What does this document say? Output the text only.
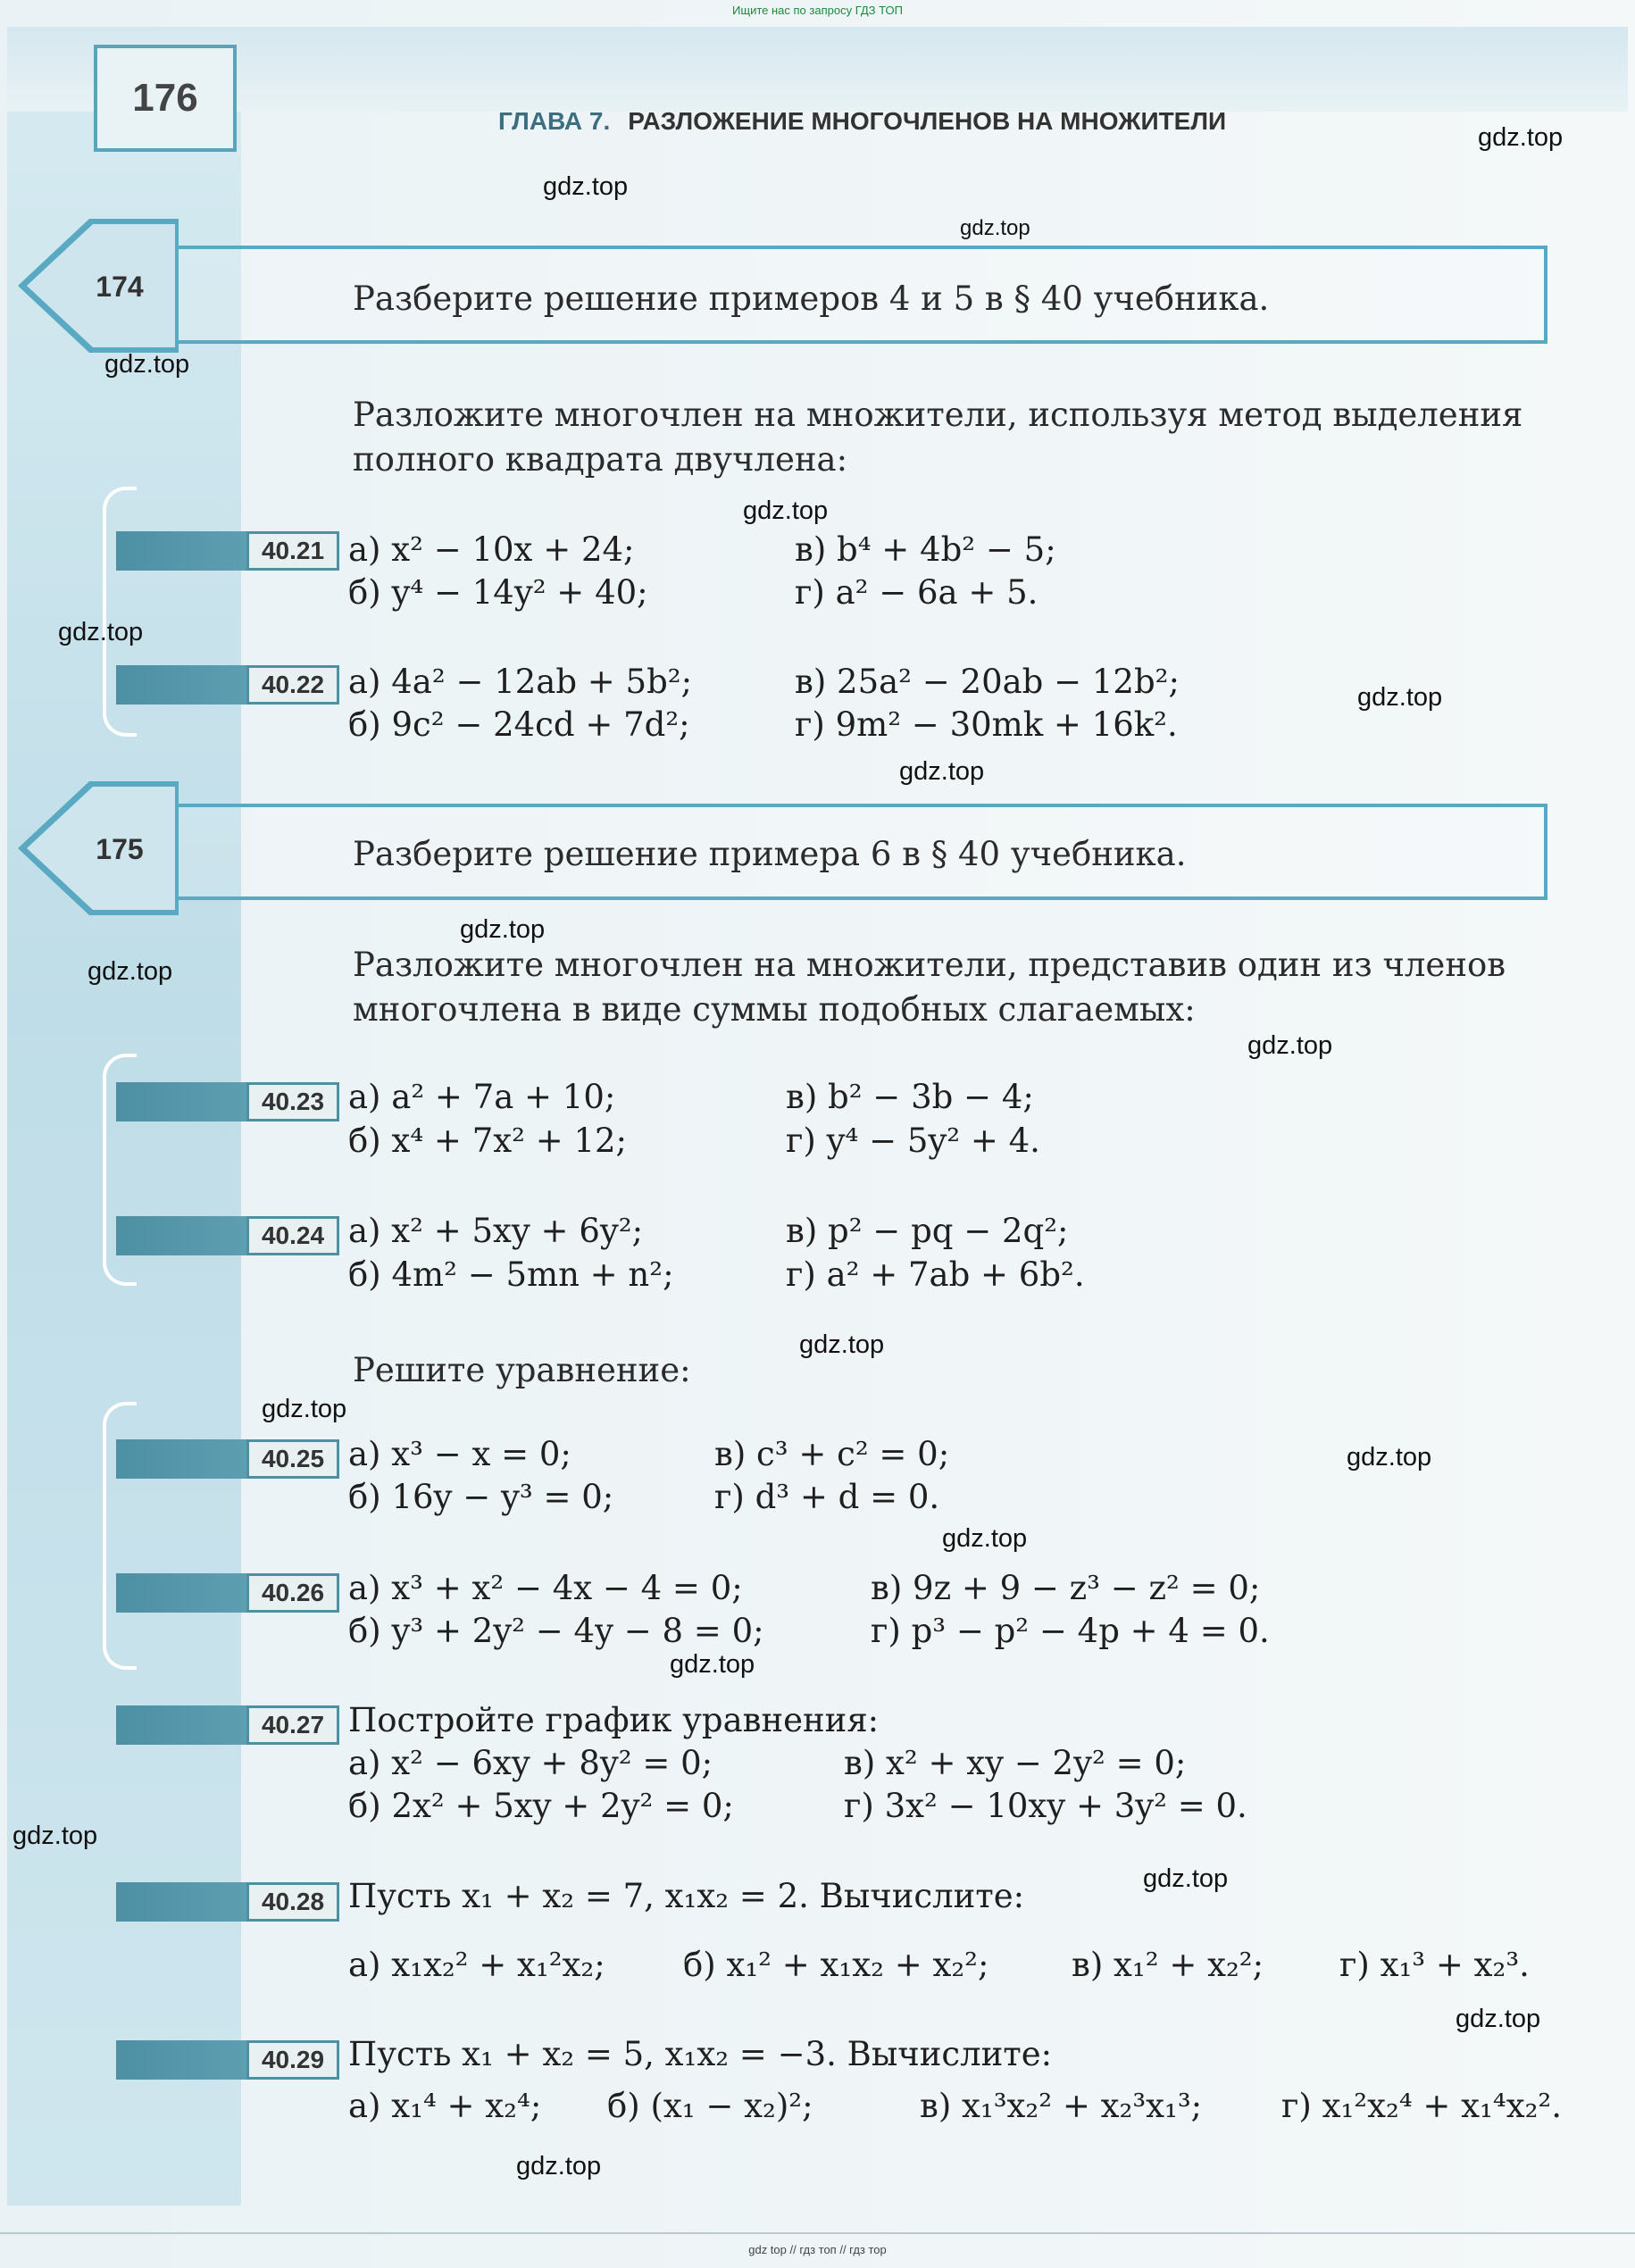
Ищите нас по запросу ГДЗ ТОП
176
ГЛАВА 7. РАЗЛОЖЕНИЕ МНОГОЧЛЕНОВ НА МНОЖИТЕЛИ
174	Разберите решение примеров 4 и 5 в § 40 учебника.
Разложите многочлен на множители, используя метод выделения
полного квадрата двучлена:
40.21 а) x² − 10x + 24;	в) b⁴ + 4b² − 5;
б) y⁴ − 14y² + 40;	г) a² − 6a + 5.
40.22 а) 4a² − 12ab + 5b²;	в) 25a² − 20ab − 12b²;
б) 9c² − 24cd + 7d²;	г) 9m² − 30mk + 16k².
175	Разберите решение примера 6 в § 40 учебника.
Разложите многочлен на множители, представив один из членов
многочлена в виде суммы подобных слагаемых:
40.23 а) a² + 7a + 10;	в) b² − 3b − 4;
б) x⁴ + 7x² + 12;	г) y⁴ − 5y² + 4.
40.24 а) x² + 5xy + 6y²;	в) p² − pq − 2q²;
б) 4m² − 5mn + n²;	г) a² + 7ab + 6b².
Решите уравнение:
40.25 а) x³ − x = 0;	в) c³ + c² = 0;
б) 16y − y³ = 0;	г) d³ + d = 0.
40.26 а) x³ + x² − 4x − 4 = 0;	в) 9z + 9 − z³ − z² = 0;
б) y³ + 2y² − 4y − 8 = 0;	г) p³ − p² − 4p + 4 = 0.
40.27 Постройте график уравнения:
а) x² − 6xy + 8y² = 0;	в) x² + xy − 2y² = 0;
б) 2x² + 5xy + 2y² = 0;	г) 3x² − 10xy + 3y² = 0.
40.28 Пусть x₁ + x₂ = 7, x₁x₂ = 2. Вычислите:
а) x₁x₂² + x₁²x₂; б) x₁² + x₁x₂ + x₂²;	в) x₁² + x₂²; г) x₁³ + x₂³.
40.29 Пусть x₁ + x₂ = 5, x₁x₂ = −3. Вычислите:
а) x₁⁴ + x₂⁴; б) (x₁ − x₂)²;	в) x₁³x₂² + x₂³x₁³; г) x₁²x₂⁴ + x₁⁴x₂².
gdz.top
gdz.top
gdz.top
gdz.top
gdz.top
gdz.top
gdz.top
gdz.top
gdz.top
gdz.top
gdz.top
gdz.top
gdz.top
gdz.top
gdz.top
gdz.top
gdz.top
gdz.top
gdz.top
gdz.top
gdz top // гдз топ // гдз тор
